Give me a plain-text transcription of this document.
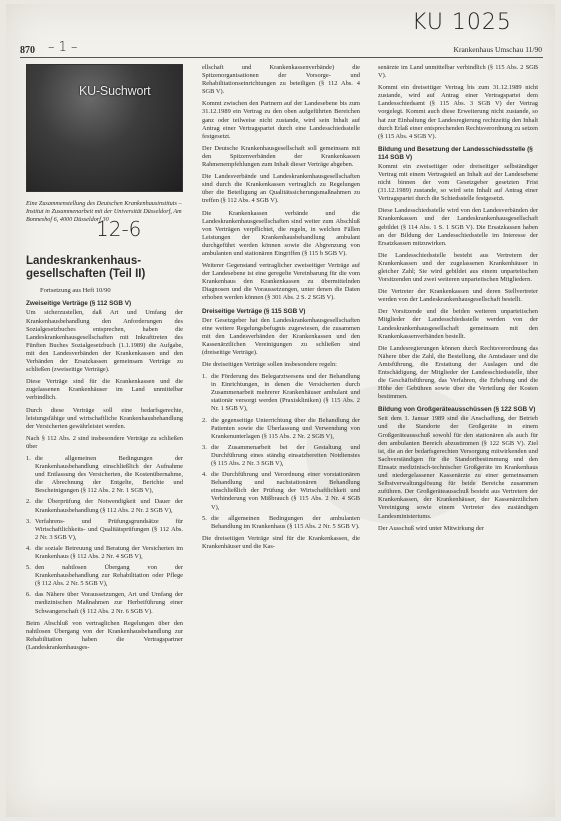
KU 1025
– 1 –
870	Krankenhaus Umschau 11/90
KU-Suchwort
Eine Zusammenstellung des Deutschen Krankenhausinstituts – Institut in Zusammenarbeit mit der Universität Düsseldorf, Am Bonneshof 6, 4000 Düsseldorf 30
12-6
Landeskrankenhaus-gesellschaften (Teil II)
Fortsetzung aus Heft 10/90
Zweiseitige Verträge (§ 112 SGB V)

Um sicherzustellen, daß Art und Umfang der Krankenhausbehandlung den Anforderungen des Sozialgesetzbuches entsprechen, haben die Landeskrankenhausgesellschaften mit Inkrafttreten des Fünften Buches Sozialgesetzbuch (1.1.1989) die Aufgabe, mit den Landesverbänden der Krankenkassen und den Verbänden der Ersatzkassen gemeinsam Verträge zu schließen (zweiseitige Verträge).

Diese Verträge sind für die Krankenkassen und die zugelassenen Krankenhäuser im Land unmittelbar verbindlich.

Durch diese Verträge soll eine bedarfsgerechte, leistungsfähige und wirtschaftliche Krankenhausbehandlung der Versicherten gewährleistet werden.

Nach § 112 Abs. 2 sind insbesondere Verträge zu schließen über

1. die allgemeinen Bedingungen der Krankenhausbehandlung einschließlich der Aufnahme und Entlassung des Versicherten, die Kostenübernahme, die Abrechnung der Entgelte, Berichte und Bescheinigungen (§ 112 Abs. 2 Nr. 1 SGB V),
2. die Überprüfung der Notwendigkeit und Dauer der Krankenhausbehandlung (§ 112 Abs. 2 Nr. 2 SGB V),
3. Verfahrens- und Prüfungsgrundsätze für Wirtschaftlichkeits- und Qualitätsprüfungen (§ 112 Abs. 2 Nr. 3 SGB V),
4. die soziale Betreuung und Beratung der Versicherten im Krankenhaus (§ 112 Abs. 2 Nr. 4 SGB V),
5. den nahtlosen Übergang von der Krankenhausbehandlung zur Rehabilitation oder Pflege (§ 112 Abs. 2 Nr. 5 SGB V),
6. das Nähere über Voraussetzungen, Art und Umfang der medizinischen Maßnahmen zur Herbeiführung einer Schwangerschaft (§ 112 Abs. 2 Nr. 6 SGB V).

Beim Abschluß von vertraglichen Regelungen über den nahtlosen Übergang von der Krankenhausbehandlung zur Rehabilitation haben die Vertragspartner (Landeskrankenhausges-

ellschaft und Krankenkassenverbände) die Spitzenorganisationen der Vorsorge- und Rehabilitationseinrichtungen zu beteiligen (§ 112 Abs. 4 SGB V).

Kommt zwischen den Partnern auf der Landesebene bis zum 31.12.1989 ein Vertrag zu den oben aufgeführten Bereichen ganz oder teilweise nicht zustande, wird sein Inhalt auf Antrag einer Vertragspartei durch eine Landesschiedsstelle festgesetzt.

Der Deutsche Krankenhausgesellschaft soll gemeinsam mit den Spitzenverbänden der Krankenkassen Rahmenempfehlungen zum Inhalt dieser Verträge abgeben.

Die Landesverbände und Landeskrankenhausgesellschaften sind durch die Krankenkassen vertraglich zu Regelungen über die Beteiligung an Qualitätssicherungsmaßnahmen zu treffen (§ 112 Abs. 4 SGB V).

Die Krankenkassen verbände und die Landeskrankenhausgesellschaften sind weiter zum Abschluß von Verträgen verpflichtet, die regeln, in welchen Fällen Leistungen der Krankenhausbehandlung ambulant durchgeführt werden können sowie die Abgrenzung von ambulanten und stationären Eingriffen (§ 115 b SGB V).

Weiterer Gegenstand vertraglicher zweiseitiger Verträge auf der Landesebene ist eine geregelte Vereinbarung für die vom Krankenhaus den Krankenkassen zu übermittelnden Diagnosen und die Voraussetzungen, unter denen die Daten erhoben werden können (§ 301 Abs. 2 S. 2 SGB V).

Dreiseitige Verträge (§ 115 SGB V)

Der Gesetzgeber hat den Landeskrankenhausgesellschaften eine weitere Regelungsbefugnis zugewiesen, die zusammen mit den Landesverbänden der Krankenkassen und den Kassenärztlichen Vereinigungen zu schließen sind (dreiseitige Verträge).

Die dreiseitigen Verträge sollen insbesondere regeln:

1. die Förderung des Belegarztwesens und der Behandlung in Einrichtungen, in denen die Versicherten durch Zusammenarbeit mehrerer Krankenhäuser ambulant und stationär versorgt werden (Praxiskliniken) (§ 115 Abs. 2 Nr. 1 SGB V),
2. die gegenseitige Unterrichtung über die Behandlung der Patienten sowie die Überlassung und Verwendung von Krankenunterlagen (§ 115 Abs. 2 Nr. 2 SGB V),
3. die Zusammenarbeit bei der Gestaltung und Durchführung eines ständig einsatzbereiten Notdienstes (§ 115 Abs. 2 Nr. 3 SGB V),
4. die Durchführung und Verordnung einer vorstationären Behandlung und nachstationären Behandlung einschließlich der Prüfung der Wirtschaftlichkeit und Verhinderung von Mißbrauch (§ 115 Abs. 2 Nr. 4 SGB V),
5. die allgemeinen Bedingungen der ambulanten Behandlung im Krankenhaus (§ 115 Abs. 2 Nr. 5 SGB V).

Die dreiseitigen Verträge sind für die Krankenkassen, die Krankenhäuser und die Kas-

senärzte im Land unmittelbar verbindlich (§ 115 Abs. 2 SGB V).

Kommt ein dreiseitiger Vertrag bis zum 31.12.1989 nicht zustande, wird auf Antrag einer Vertragspartei dem Landesschiedsamt (§ 115 Abs. 3 SGB V) der Vertrag vorgelegt. Kommt auch diese Erweiterung nicht zustande, so hat zur Einhaltung der Landesregierung rechtzeitig den Inhalt durch Erlaß einer entsprechenden Rechtsverordnung zu setzen (§ 115 Abs. 4 SGB V).

Bildung und Besetzung der Landesschiedsstelle (§ 114 SGB V)

Kommt ein zweiseitiger oder dreiseitiger selbständiger Vertrag mit einem Vertragsteil an Inhalt auf der Landesebene nicht binnen der vom Gesetzgeber gesetzten Frist (31.12.1989) zustande, so wird sein Inhalt auf Antrag einer Vertragspartei durch die Schiedsstelle festgesetzt.

Diese Landesschiedsstelle wird von den Landesverbänden der Krankenkassen und der Landeskrankenhausgesellschaft gebildet (§ 114 Abs. 1 S. 1 SGB V). Die Ersatzkassen haben an der Bildung der Landesschiedsstelle im Interesse der Ersatzkassen mitzuwirken.

Die Landesschiedsstelle besteht aus Vertretern der Krankenkassen und der zugelassenen Krankenhäuser in gleicher Zahl; Sie wird gebildet aus einem unparteiischen Vorsitzenden und zwei weiteren unparteiischen Mitgliedern.

Die Vertreter der Krankenkassen und deren Stellvertreter werden von der Landeskrankenhausgesellschaft bestellt.

Der Vorsitzende und die beiden weiteren unparteiischen Mitglieder der Landesschiedsstelle werden von der Landeskrankenhausgesellschaft gemeinsam mit den Krankenkassenverbänden bestellt.

Die Landesregierungen können durch Rechtsverordnung das Nähere über die Zahl, die Bestellung, die Amtsdauer und die Amtsführung, die Erstattung der Auslagen und die Entschädigung, der Mitglieder der Landesschiedsstelle, über die Geschäftsführung, das Verfahren, die Erhebung und die Höhe der Gebühren sowie über die Verteilung der Kosten bestimmen.

Bildung von Großgeräteausschüssen (§ 122 SGB V)

Seit dem 1. Januar 1989 sind die Anschaffung, der Betrieb und die Standorte der Großgeräte in einem Großgeräteausschuß sowohl für den stationären als auch für den ambulanten Bereich abzustimmen (§ 122 SGB V). Ziel ist, die an der bedarfsgerechten Versorgung mitwirkenden und Sachverständigen für die Standortbestimmung und den Einsatz medizinisch-technischer Großgeräte im Krankenhaus und niedergelassener Kassenärzte zu einer gemeinsamen Selbstverwaltungslösung für beide Bereiche zusammen zuführen. Der Großgeräteausschuß besteht aus Vertretern der Krankenkassen, der Krankenhäuser, der Kassenärztlichen Vereinigung sowie einem Vertreter des zuständigen Landesministeriums.

Der Ausschuß wird unter Mitwirkung der
